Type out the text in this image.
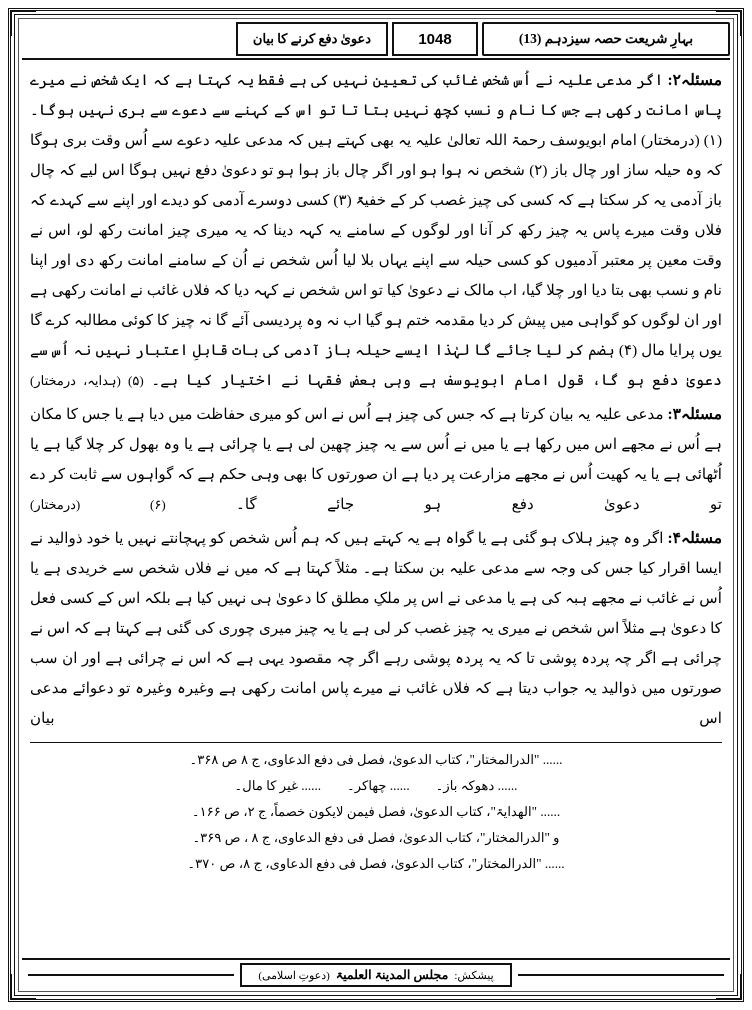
بہارِ شریعت حصہ سیزدہم (13)
1048
دعویٰ دفع کرنے کا بیان

مسئلہ۲: اگر مدعی علیہ نے اُس شخص غائب کی تعیین نہیں کی ہے فقط یہ کہتا ہے کہ ایک شخص نے میرے پاس امانت رکھی ہے جس کا نام و نسب کچھ نہیں بتا تا تو اس کے کہنے سے دعوے سے بری نہیں ہوگا۔ (۱) (درمختار) امام ابویوسف رحمۃ اللہ تعالیٰ علیہ یہ بھی کہتے ہیں کہ مدعی علیہ دعوے سے اُس وقت بری ہوگا کہ وہ حیلہ ساز اور چال باز (۲) شخص نہ ہوا ہو اور اگر چال باز ہوا ہو تو دعویٰ دفع نہیں ہوگا اس لیے کہ چال باز آدمی یہ کر سکتا ہے کہ کسی کی چیز غصب کر کے خفیۃً (۳) کسی دوسرے آدمی کو دیدے اور اپنے سے کہدے کہ فلاں وقت میرے پاس یہ چیز رکھ کر آنا اور لوگوں کے سامنے یہ کہہ دینا کہ یہ میری چیز امانت رکھ لو، اس نے وقت معین پر معتبر آدمیوں کو کسی حیلہ سے اپنے یہاں بلا لیا اُس شخص نے اُن کے سامنے امانت رکھ دی اور اپنا نام و نسب بھی بتا دیا اور چلا گیا، اب مالک نے دعویٰ کیا تو اس شخص نے کہہ دیا کہ فلاں غائب نے امانت رکھی ہے اور ان لوگوں کو گواہی میں پیش کر دیا مقدمہ ختم ہو گیا اب نہ وہ پردیسی آئے گا نہ چیز کا کوئی مطالبہ کرے گا یوں پرایا مال (۴) ہضم کر لیا جائے گا لہٰذا ایسے حیلہ باز آدمی کی بات قابلِ اعتبار نہیں نہ اُس سے دعویٰ دفع ہو گا، قول امام ابویوسف ہے وہی بعض فقہا نے اختیار کیا ہے۔ (۵) (ہدایہ، درمختار)

مسئلہ۳: مدعی علیہ یہ بیان کرتا ہے کہ جس کی چیز ہے اُس نے اس کو میری حفاظت میں دیا ہے یا جس کا مکان ہے اُس نے مجھے اس میں رکھا ہے یا میں نے اُس سے یہ چیز چھین لی ہے یا چرائی ہے یا وہ بھول کر چلا گیا ہے یا اُٹھائی ہے یا یہ کھیت اُس نے مجھے مزارعت پر دیا ہے ان صورتوں کا بھی وہی حکم ہے کہ گواہوں سے ثابت کر دے تو دعویٰ دفع ہو جائے گا۔ (۶) (درمختار)

مسئلہ۴: اگر وہ چیز ہلاک ہو گئی ہے یا گواہ ہے یہ کہتے ہیں کہ ہم اُس شخص کو پہچانتے نہیں یا خود ذوالید نے ایسا اقرار کیا جس کی وجہ سے مدعی علیہ بن سکتا ہے۔ مثلاً کہتا ہے کہ میں نے فلاں شخص سے خریدی ہے یا اُس نے غائب نے مجھے ہبہ کی ہے یا مدعی نے اس پر ملکِ مطلق کا دعویٰ ہی نہیں کیا ہے بلکہ اس کے کسی فعل کا دعویٰ ہے مثلاً اس شخص نے میری یہ چیز غصب کر لی ہے یا یہ چیز میری چوری کی گئی ہے کہتا ہے کہ اس نے چرائی ہے اگر چہ پردہ پوشی تا کہ یہ پردہ پوشی رہے اگر چہ مقصود یہی ہے کہ اس نے چرائی ہے اور ان سب صورتوں میں ذوالید یہ جواب دیتا ہے کہ فلاں غائب نے میرے پاس امانت رکھی ہے وغیرہ وغیرہ تو دعوائے مدعی اس بیان

...... "الدرالمختار"، کتاب الدعویٰ، فصل فی دفع الدعاوی، ج ۸ ص ۳۶۸۔

...... دھوکہ باز۔
...... چھاکر۔
...... غیر کا مال۔

...... "الھدایۃ"، کتاب الدعویٰ، فصل فیمن لایکون خصماً، ج ۲، ص ۱۶۶۔

و "الدرالمختار"، کتاب الدعویٰ، فصل فی دفع الدعاوی، ج ۸ ، ص ۳۶۹۔

...... "الدرالمختار"، کتاب الدعویٰ، فصل فی دفع الدعاوی، ج ۸، ص ۳۷۰۔

پیشکش:
مجلس المدینۃ العلمیۃ
(دعوتِ اسلامی)
